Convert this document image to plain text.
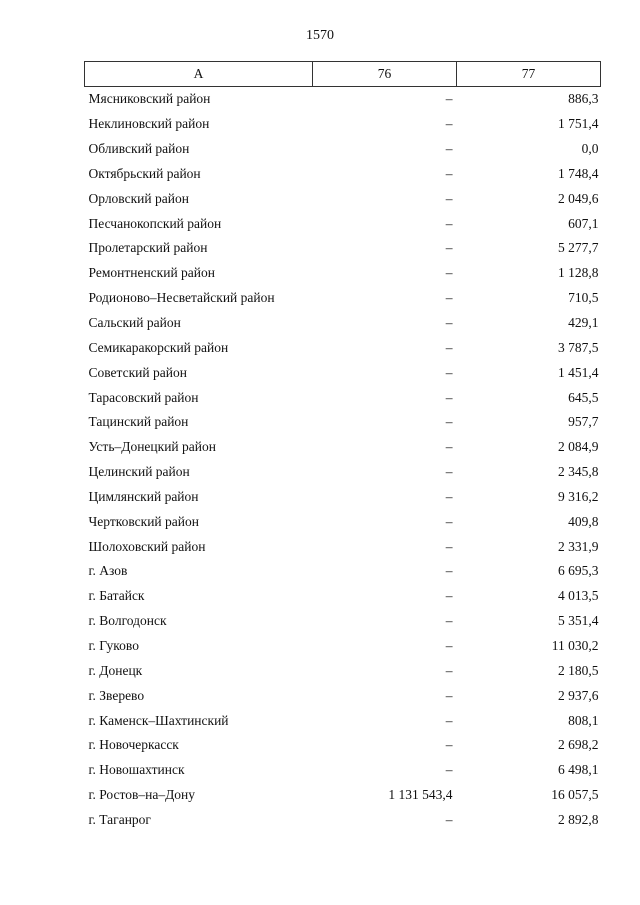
1570
А	76	77
Мясниковский район	–	886,3
Неклиновский район	–	1 751,4
Обливский район	–	0,0
Октябрьский район	–	1 748,4
Орловский район	–	2 049,6
Песчанокопский район	–	607,1
Пролетарский район	–	5 277,7
Ремонтненский район	–	1 128,8
Родионово–Несветайский район	–	710,5
Сальский район	–	429,1
Семикаракорский район	–	3 787,5
Советский район	–	1 451,4
Тарасовский район	–	645,5
Тацинский район	–	957,7
Усть–Донецкий район	–	2 084,9
Целинский район	–	2 345,8
Цимлянский район	–	9 316,2
Чертковский район	–	409,8
Шолоховский район	–	2 331,9
г. Азов	–	6 695,3
г. Батайск	–	4 013,5
г. Волгодонск	–	5 351,4
г. Гуково	–	11 030,2
г. Донецк	–	2 180,5
г. Зверево	–	2 937,6
г. Каменск–Шахтинский	–	808,1
г. Новочеркасск	–	2 698,2
г. Новошахтинск	–	6 498,1
г. Ростов–на–Дону	1 131 543,4	16 057,5
г. Таганрог	–	2 892,8
